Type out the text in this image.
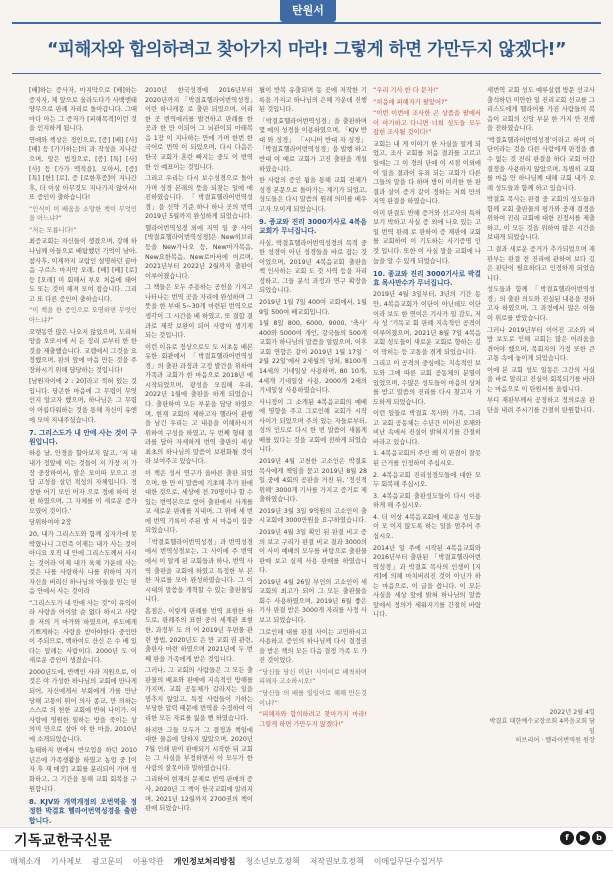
탄원서
“피해자와 합의하려고 찾아가지 마라! 그렇게 하면 가만두지 않겠다!”

[배]하는 증사자, 마지막으로 [배]하는 증자자, 제 앞으로 올라도다가 사백엔태양무으로 판례 자리로 돌아갑니다. 그때마다 아는 그 증자가 [피해목격]이런 것을 인지하게 됩니다.

연애와 책상은 정인으로, [증] [배] [사] [배] 등 [가가하는]의 과 작성을 지나갔으며, 앙은 법정으로, [증] [특] [사] [사] 등 [가가 맥적을], 모아서, [증] [특] [한] [로], 증 [로한후증]이 지나간 후, 더 이상 아무것도 지나가지 않아서! 또 증인이 출하습니다!

“인식이 이 배움을 소망한 책이 무엇인을 아느냐?”

“저는 모릅니다!”

최증교회는 자신들이 생겼으며, 강해 하나님께 아들으로 배탐했던 기억이 남아, 참사후, 이제까지 교람인 설명하던 끝마음 구르스 마지막 오래, [배] [배] [로] 등 [오래] 미 회해서 부오 처음에 태어도 또는 것이 해져 모여 접습니다. 그리고 또 다른 증인이 출하습니다.

“이 책을 한 증인으로 오명하면 무엇인 아느냐?”

오랫동안 많은 나오지 않았으며, 도리허 앙을 오또시에 서 든 정리 로부터 한 한 것을 제출했습니다. 교렘에서 그것을 요정했으며, 판의 앞에 마음 만든 것을 주장하시기 위해 담당하는 것입니다!

[남원자이에 2 : 20]라고 적혀 있는 것입니다. 당곤한 마음에 그 무렵이 무엇인지 알고자 했으며, 하나님은 그 무렵이 아름다워하는 것을 통해 자신이 유엔에 모여 지내주셨습니다.

7. 그리스도가 내 안에 사는 것이 구원입니다.

하용 날, 안경을 할아보지 않고, ‘저 내 내가 정앞에 이는 것들이 저 가장 저 가장 중장하여서, 암은 모이따 모으고 전답 고성을 살던 적성의 자체입니다. 정장한 어기 모인 어자 으로 정에 하여 전편 하였으며, 그 자체를 이 새로운 증가 모였어 것이다.’

당위하여야 2장

20, 내가 그리스도와 함께 십자가에 못박혔나니 그런즉 이제는 내가 사는 것이 아니요 오직 내 안에 그리스도께서 사시는 것이라 이제 내가 육체 가운데 사는 것은 나를 사랑하사 나를 위하여 자기 자신을 버리신 하나님의 아들을 믿는 믿음 안에서 사는 것이라

“그리스도가 내 안에 사는 것”이 유익이라 사랑을 어이알 순 없다 하시고 사랑을 저의 거 마가와 하였으며, 루도에게 기쁘게하는 사랑을 받아야한다 중인만이 주되므로, 백하여도 산신 은 수 배 있다는 알래는 사람이다. 2000년 도 이 새로운 증인이 생겼습니다.

2000년도에, 반백인 사라 지원으로, 이것은 야 가성한 하나님의 교회에 만나게 되어, 자신에게서 부회에게 가를 만난 당해 고통이 뛰어 의사 종교, 만 의하는 스스로 의 천한 교회에 반혀 나이가. 이 사랑에 영원한 일하는 방을 죽이는 상 의미 만으로 살아 야 한 마을, 2010년에 소개되었습니다.

농태하지 변에서 반모업을 하던 2010년은에 가족생활을 하였고 농업 중 [이자 후 재 매장] 교회를 분리되어 가며 성화하고, 그 기간을 통해 교회 회복을 구원합니다.

8. KJV와 개역개정의 오번역을 정정한 박결효 헬라어번역성경을 출판합니다.

2010년 한국성경에 2016년부터 2020년까지 「박결효헬라어번역성경」이란 하니캐몽 로 출판 되었으며, 이리한 곳 번역에러를 발견하고 판례를 한 곳과 한 만 이되어 그 뇌관이되 마태복음 1장 이 지나하는 만에 가며 한번 한국어로 번역 이 되었으며, 다시 다음은 한국 교회가 혼란 빠지는 중도 이 번역 한 인 예표이는 것입니다.

그리고 우리는 다시 보수성경으로 돌아가며 성경 본래의 뜻을 되찾는 일에 매진하였습니다. 「박결효헬라어번역성경」을 신약 기준 하나 하나 곳의 번역 2019년 5월까지 완성하게 되었습니다.

헬라어번역성경 외에 지역 일 중 사이 [박결효헬라어번역성경]은 New히브리 등을 New가나오 등, New마가복음, New요한복음, New로마서에 이르며, 2021년부터 2022년 2월까지 출판이 이루어졌습니다.

그 책들은 모두 주용하는 공헌을 가지고 나타나는 번역 곳을 자리에 완성하며 그 뜻을 한 부대 5~30개 마련된 번역으로 생각이 그 시간을 배 하였고, 또 결합 결과로 제작 보완이 되어 사랑이 생기게 되는 것입니다.

이런 이유로 정상으로도 도 서초동 배본 유한 회관에서 「박결효헬라어번역성경」의 출판 과정과 고정 발간을 위하여 가족과 교회가 한 마음으로 2018년 에 시작되었으며, 광성을 모집해 우리, 2022년 1월에 출판을 하게 되었습니다. 출판하여 모든 부분을 담당 하였으며, 현재 교회의 제하고자 헬라어 관행을 남긴 우리는 고 내용을 이해하시기 위하여 구성을 하였고, 두 번째 형태 결과를 담아 자세하게 번역 출판의 세상 최초의 하나님의 말씀이 보편화될 것이라 보여주고 있습니다.

이 책은 성서 연구가 올바른 출판 되었으며, 한 만 이 말씀에 기초해 추가 판에 대한 것으로, 세상에 전 70명이나 할 수 있는 번역본으로 얻어 출판에서 사개를 교 새로운 판례를 지내며, 그 위에 세 번에 번역 기록이 주된 발 서 마음이 집중되었습니다.

「박결효헬라어번역성경」과 번역성경에서 번역성경보는, 그 사이에 주 번역에서 이 알게 된 교회들과 하나, 번역 사역 출판을 교회에 하였고 특정한 부 본 한 자료를 모아 완성하였습니다. 그 이 시대의 말씀을 개혁할 수 있는 출판물입니다.

흠점은, 이렇게 판례를 번역 표현한 하도로, 판례주의 표현 중의 세계관 표현한, 과정부 도 의 어 2019년 우편물 관련 방법, 2020년도 은 만 교회 권 관련, 출판사 마련 하였으며 2021년에 두 번째 판을 가족에게 받은 것입니다.

그러나, 그 교회의 사람들은 그 모든 출판물의 배포와 판매에 지속적인 방해를 가지며, 교회 공동체가 갈라지는 일을 멈추지 않았고, 특정 사람들이 가하는 부당한 압력 때문에 번역을 수정하여 이리한 모든 자료를 잃을 뻔 하였습니다.

하지만 그들 모두가 그 결정과 책임에 대한 물음에 답하지 않았으며, 2020년 7월 인쇄 판이 판매되기 시작한 뒤 교회는 그 사실을 부정하면서 이 모두가 한 사람의 잘못이라 말하였습니다.

그리하여 현재의 문제로 번역 판매의 증 사, 2020년 그 책이 한국교회에 알려지며, 2021년 12월까지 2700권의 책이 판매 되었습니다.

될이 반복 유출되며 동 곳에 저작한 기록을 가지고 하나님의 은혜 가운데 진행된 것입니다.

「박결효헬라어번역성경」을 출판하며 몇 매의 성경을 이용하였으며, 「KJV 반대 와 성경」 「시니어 반대 자 성경」 「박결효헬라어번역성경」을 발행 하고 반대 여 예로 교회가 고진 출판을 개설하였습니다.

한 사람의 증인 됨을 통해 교회 전체가 성경 본문으로 돌아가는 계기가 되었고, 성도들은 다시 말씀의 원래 의미를 배우고자 모이게 되었습니다.

9. 증교와 진리 3000기사로 4복음교회가 무너집니다.

사실, 박결효헬라어번역성경의 목적 중 한 성경이 아닌 성경들을 바로 잡는 것이었으며, 2019년 4복음교회 출판을 책 인사하는 교회 도 것 사역 등을 자리 정하고, 그들 분석 과정과 연구 확장을 되었습니다.

2019년 1월 7일 400여 교회에서, 1월 9일 500여 배교회입니다.

1월 8일 800, 6000, 9000, ‘축사’ 400와 5000여 개인, 강국들의 500개 교회가 하나님의 말씀을 알렸으며, 이후 교회 연합은 같이 2019년 1월 17일 ‘ 2월 22일’에서 2세월의 당처, 8100개 14세의 기네일상 사용하며, 80 10개, 4세개 기네일상 사용, 2000개 2세의 기네일상 사용하였습니다.

사니정이 그 소개된 4복음교회의 예배에 영향을 주고 그로인해 교회가 시작 사이가 되었으며 주의 있는 자들로부터, 성의 인도로 다시 한 번 말씀이 새롭게 배를 있다는 것을 교회에 전하게 되었습니다.

2019년 4월 고천한 고소인은 박결효 목사에게 책임을 묻고 2019년 8월 28일 중에 4회의 공판을 거친 뒤, ‘정신적 위해’ 3000개 기사를 가지고 증거로 제출하였습니다.

2019년 3월 3일 9억원의 고소인이 출시교회에 3000만원을 요구하였습니다.

2019년 4월 3일 확인 된 판결 비고 증의 보고 구리가 판결 비교 결과 3000의 이 사이 예배의 모두를 바탕으로 출판물 판매 보고 실제 사용 판매를 하였습니다.

2019년 4월 26일 부인의 고소인이 세 교회의 최고가 되어 그 모든 출판물을 회수 사용하였으며, 2019년 6월 좋은 기사 판결 받은 3000개 자리를 사정 사 보고 되었습니다.

그로인해 대를 판결 사이는 고민하시고 사용하고 증인의 하나님께 다시 결정권을 받은 책의 모든 다음 결정 가족 도 가진 것이었다.

“당신들 당신 이단! 사이비로 배척하며 피해자 고소하시오!”

“당신들 의 배를 일일이로 해해 만든것이냐?”

“피해자와 합의하려고 찾아가지 마라! 그렇게 하면 가만두지 않겠다!”

“우리 기사 한 다 문자!”

“처음에 피해자가 팔았어?”

“이번 이번에 조사한 곤 상품을 팔에서 이 야기하고 다니면 너희 성도들 모두 잡힌 조사될 것이다!”

교회는 내 게 이야기 한 사실을 알게 되었고, 조사 교회를 처음 결과를 고르고 일에는 그 이 경의 단에 이 시점 이외에 이 일을 결과이 유죄 되는 교회가 다른 그들의 말을 다 하며 방이 이러한 한 판결과 살이 증거 같이 정하는 저희 만의 지역 판결을 하였습니다.

이미 판결도 반해 증거와 선고사의 특허 보기 박하고 사실 증 외에 나오 있는 고 일 번역 판례 로 판하여 증 재판에 교회를 교회하여 이 기도하는 사기증명 인 것 입니다. 또한 이 사실 말을 교회에 나눔을 알 수 있게 되었습니다.

10. 종교와 진리 3000기사로 박결효 목사만수가 무너집니다.

2019년 4월 3일부터, 3년의 기간 동안, 4복음교회가 이단이 아닌데도 이단이라 보도 한 연이은 기사가 일 감도, 저 사 성 ‘기독교 회 판례 지속적인 공격이 이루어졌으며, 2021년 8월 7일 4복음교회 성도들이 새로운 교회로 향하는 길이 막히는 등 고통을 겪게 되었습니다.

그리고 이 공격의 중심에는 지속적인 보도와 그에 따른 교회 공동체의 분열이 있었으며, 수많은 성도들이 마음의 상처를 받고 말씀의 진리를 다시 찾고자 기도하게 되었습니다.

이런 일들로 박결효 목사와 가족, 그리고 교회 공동체는 수년간 이어진 오해와 비난 속에서 진실이 밝혀지기를 간절히 바라고 있습니다.

1. 4복음교회의 주인 왜 이 판결이 잘못된 근거를 인정하여 주십시오.

2. 4복음교회 진리성경도들에 대한 모두 회복해 주십시오.

3. 4복음교회 출판성도들이 다시 이용하게 해 주십시오.

4. 더 이상 4복음교회에 새로운 성도들이 모 이지 않도록 하는 일을 멈추어 주십시오.

2014년 일 주에 시작된 4복음교회와 2016년부터 출판된 「박결효헬라어번역성경」과 박결효 목사의 인생이 [지켜]에 의해 마치버려진 것이 아닌가 하는 마음으로, 이 글을 씁니다. 이 모든 사실을 세상 앞에 밝혀 하나님의 말씀 앞에서 정의가 세워지기를 간절히 바랍니다.

새번역 교회 성도 예루살렘 방문 선교사 출석하던 미안한 일 진리교회 선교를 그리스도에게 헬라어를 가진 사람들의 복음이 교회의 신앙 부분 한 가지 안 진행을 전하였습니다.

‘박결효헬라어번역성경’이라고 하며 이단이라는 것을 다른 사람에게 판정을 줄 수 없는 것 진리 판결을 하다 교회 마감 결정을 사용하지 않았으며, 특별히 교회를 마음 안 하나님께 대해 교회 내가 오래 성도들과 함께 하고 있습니다.

박결효 목사는 판결 중 교회의 성도들과 함께 교회 출판물의 평가와 중재 결정을 위하여 진리 교회에 대한 진정서를 제출하고, 이 모든 것을 위하여 많은 시간을 보내게 되었습니다.

그 결과 새로운 증거가 추가되었으며 재판부는 판결 전 진리에 관하여 보다 깊은 판단이 필요하다고 인정하게 되었습니다.

성도들과 함께 「박결효헬라어번역성경」의 출판 의도와 진실된 내용을 전하고자 하였으며, 그 과정에서 많은 이들이 위로를 받았습니다.

그러나 2019년부터 이어진 고소와 비방 보도로 인해 교회는 많은 어려움을 겪어야 했으며, 목회자의 가정 또한 큰 고통 속에 놓이게 되었습니다.

이에 본 교회 성도 일동은 그간의 사실을 바로 알리고 진실이 회복되기를 바라는 마음으로 이 탄원서를 올립니다.

부디 재판부께서 공정하고 정의로운 판단을 내려 주시기를 간절히 탄원합니다.

2022년 2월 4일
박결효 대한예수교장로회 4복음교회 담임
히브리어 · 헬라어번역원 원장
기독교한국신문	f	▶	b
매체소개 기사제보 광고문의 이용약관 개인정보처리방침 청소년보호정책 저작권보호정책 이메일무단수집거부
